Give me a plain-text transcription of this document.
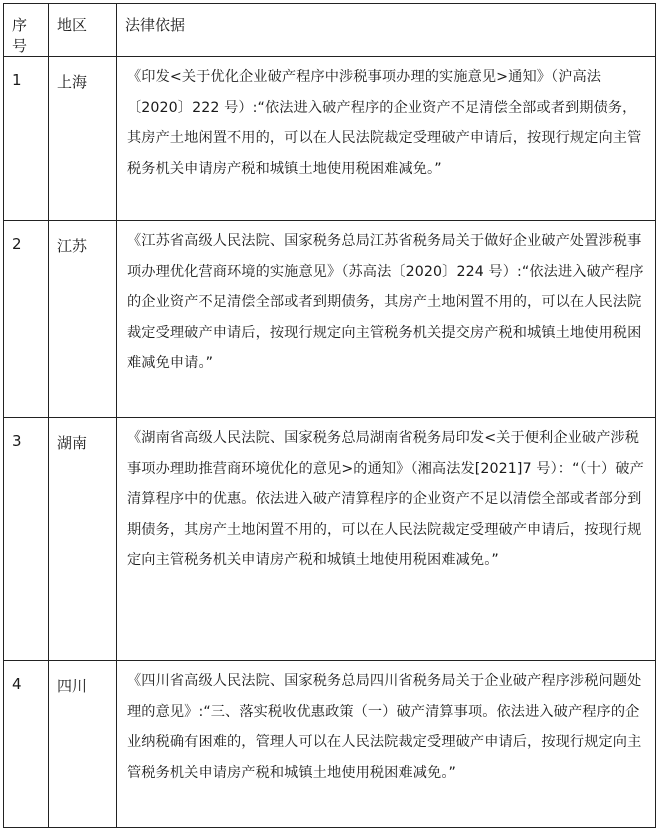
序号	地区	法律依据
1	上海	《印发<关于优化企业破产程序中涉税事项办理的实施意见>通知》（沪高法〔2020〕222 号）:“依法进入破产程序的企业资产不足清偿全部或者到期债务，其房产土地闲置不用的，可以在人民法院裁定受理破产申请后，按现行规定向主管税务机关申请房产税和城镇土地使用税困难减免。”
2	江苏	《江苏省高级人民法院、国家税务总局江苏省税务局关于做好企业破产处置涉税事项办理优化营商环境的实施意见》（苏高法〔2020〕224 号）:“依法进入破产程序的企业资产不足清偿全部或者到期债务，其房产土地闲置不用的，可以在人民法院裁定受理破产申请后，按现行规定向主管税务机关提交房产税和城镇土地使用税困难减免申请。”
3	湖南	《湖南省高级人民法院、国家税务总局湖南省税务局印发<关于便利企业破产涉税事项办理助推营商环境优化的意见>的通知》（湘高法发[2021]7 号）：“（十）破产清算程序中的优惠。依法进入破产清算程序的企业资产不足以清偿全部或者部分到期债务，其房产土地闲置不用的，可以在人民法院裁定受理破产申请后，按现行规定向主管税务机关申请房产税和城镇土地使用税困难减免。”
4	四川	《四川省高级人民法院、国家税务总局四川省税务局关于企业破产程序涉税问题处理的意见》:“三、落实税收优惠政策（一）破产清算事项。依法进入破产程序的企业纳税确有困难的，管理人可以在人民法院裁定受理破产申请后，按现行规定向主管税务机关申请房产税和城镇土地使用税困难减免。”
